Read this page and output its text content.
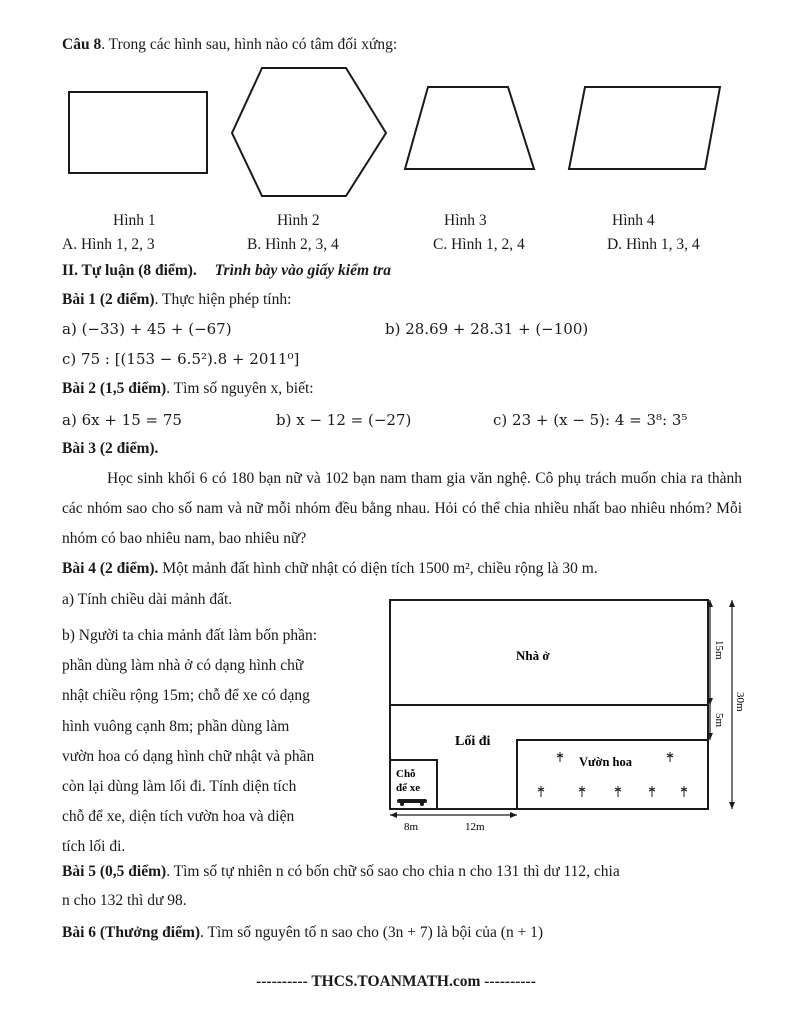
Câu 8. Trong các hình sau, hình nào có tâm đối xứng:
Hình 1	Hình 2	Hình 3	Hình 4
A. Hình 1, 2, 3	B. Hình 2, 3, 4	C. Hình 1, 2, 4	D. Hình 1, 3, 4
II. Tự luận (8 điểm). Trình bày vào giấy kiểm tra
Bài 1 (2 điểm). Thực hiện phép tính:
a) (−33) + 45 + (−67)	b) 28.69 + 28.31 + (−100)
c) 75 : [(153 − 6.5²).8 + 2011⁰]
Bài 2 (1,5 điểm). Tìm số nguyên x, biết:
a) 6x + 15 = 75	b) x − 12 = (−27)	c) 23 + (x − 5): 4 = 3⁸: 3⁵
Bài 3 (2 điểm).
Học sinh khối 6 có 180 bạn nữ và 102 bạn nam tham gia văn nghệ. Cô phụ trách muốn chia ra thành các nhóm sao cho số nam và nữ mỗi nhóm đều bằng nhau. Hỏi có thể chia nhiều nhất bao nhiêu nhóm? Mỗi nhóm có bao nhiêu nam, bao nhiêu nữ?
Bài 4 (2 điểm). Một mảnh đất hình chữ nhật có diện tích 1500 m², chiều rộng là 30 m.
a) Tính chiều dài mảnh đất.
b) Người ta chia mảnh đất làm bốn phần:
phần dùng làm nhà ở có dạng hình chữ
nhật chiều rộng 15m; chỗ để xe có dạng
hình vuông cạnh 8m; phần dùng làm
vườn hoa có dạng hình chữ nhật và phần
còn lại dùng làm lối đi. Tính diện tích
chỗ để xe, diện tích vườn hoa và diện
tích lối đi.
Nhà ở
Lối đi
Vườn hoa
Chỗ
để xe
15m
5m
30m
8m	12m
Bài 5 (0,5 điểm). Tìm số tự nhiên n có bốn chữ số sao cho chia n cho 131 thì dư 112, chia
n cho 132 thì dư 98.
Bài 6 (Thưởng điểm). Tìm số nguyên tố n sao cho (3n + 7) là bội của (n + 1)
---------- THCS.TOANMATH.com ----------
